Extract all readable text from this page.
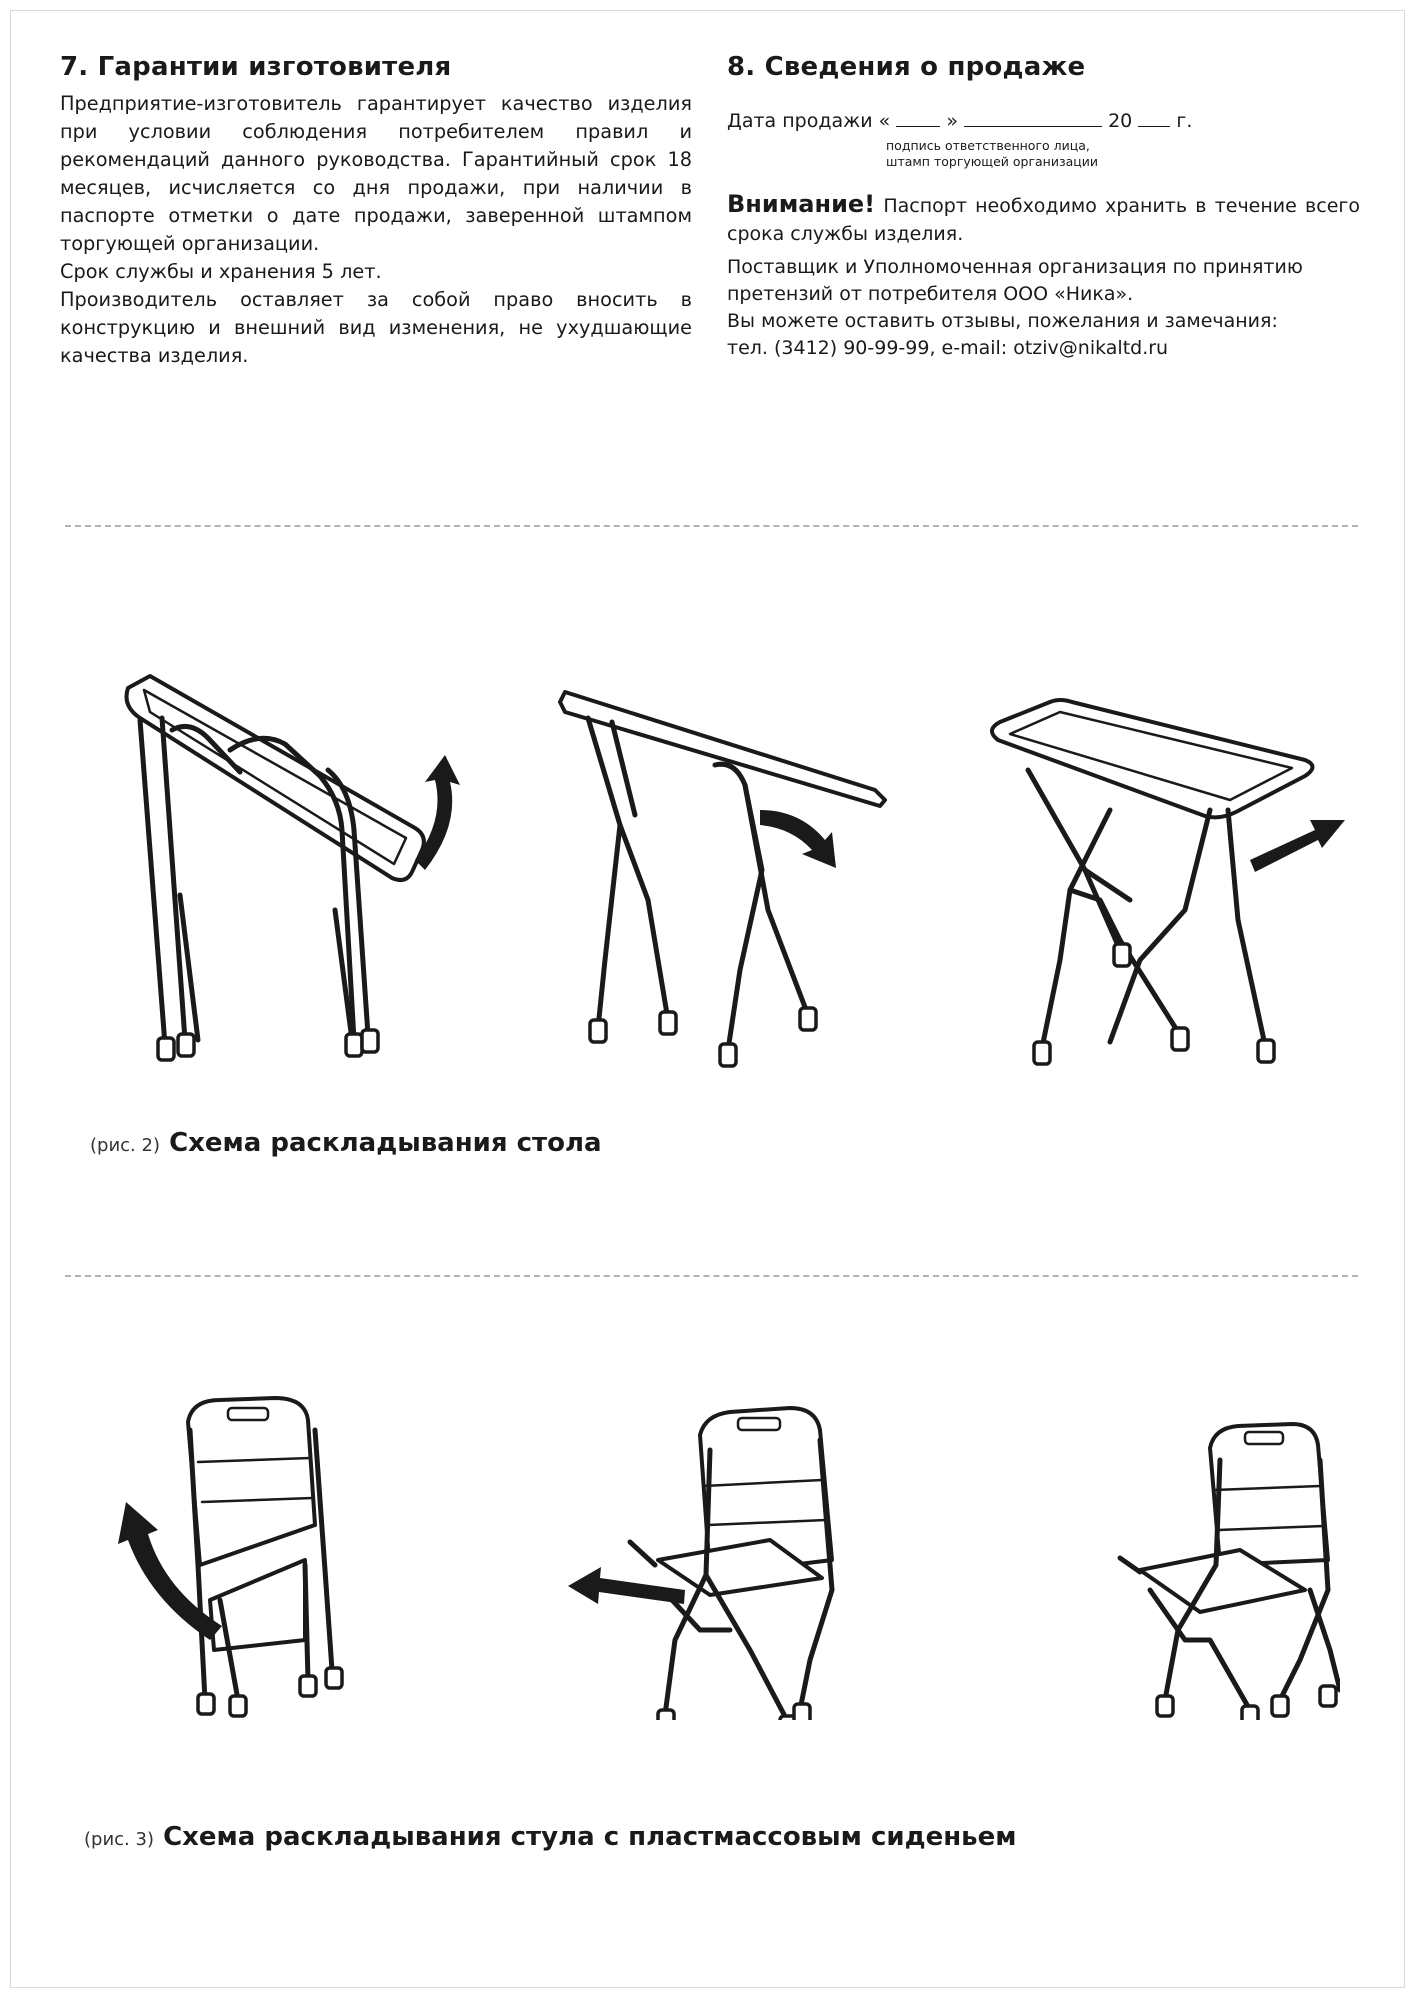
7. Гарантии изготовителя

Предприятие-изготовитель гарантирует качество изделия при условии соблюдения потребителем правил и рекомендаций данного руководства. Гарантийный срок 18 месяцев, исчисляется со дня продажи, при наличии в паспорте отметки о дате продажи, заверенной штампом торгующей организации.

Срок службы и хранения 5 лет.

Производитель оставляет за собой право вносить в конструкцию и внешний вид изменения, не ухудшающие качества изделия.

8. Сведения о продаже
Дата продажи «	»	20 г.
подпись ответственного лица,
штамп торгующей организации
Внимание! Паспорт необходимо хранить в течение всего срока службы изделия.
Поставщик и Уполномоченная организация по принятию претензий от потребителя ООО «Ника».
Вы можете оставить отзывы, пожелания и замечания:
тел. (3412) 90-99-99, e-mail: otziv@nikaltd.ru
(рис. 2) Схема раскладывания стола
(рис. 3) Схема раскладывания стула с пластмассовым сиденьем
